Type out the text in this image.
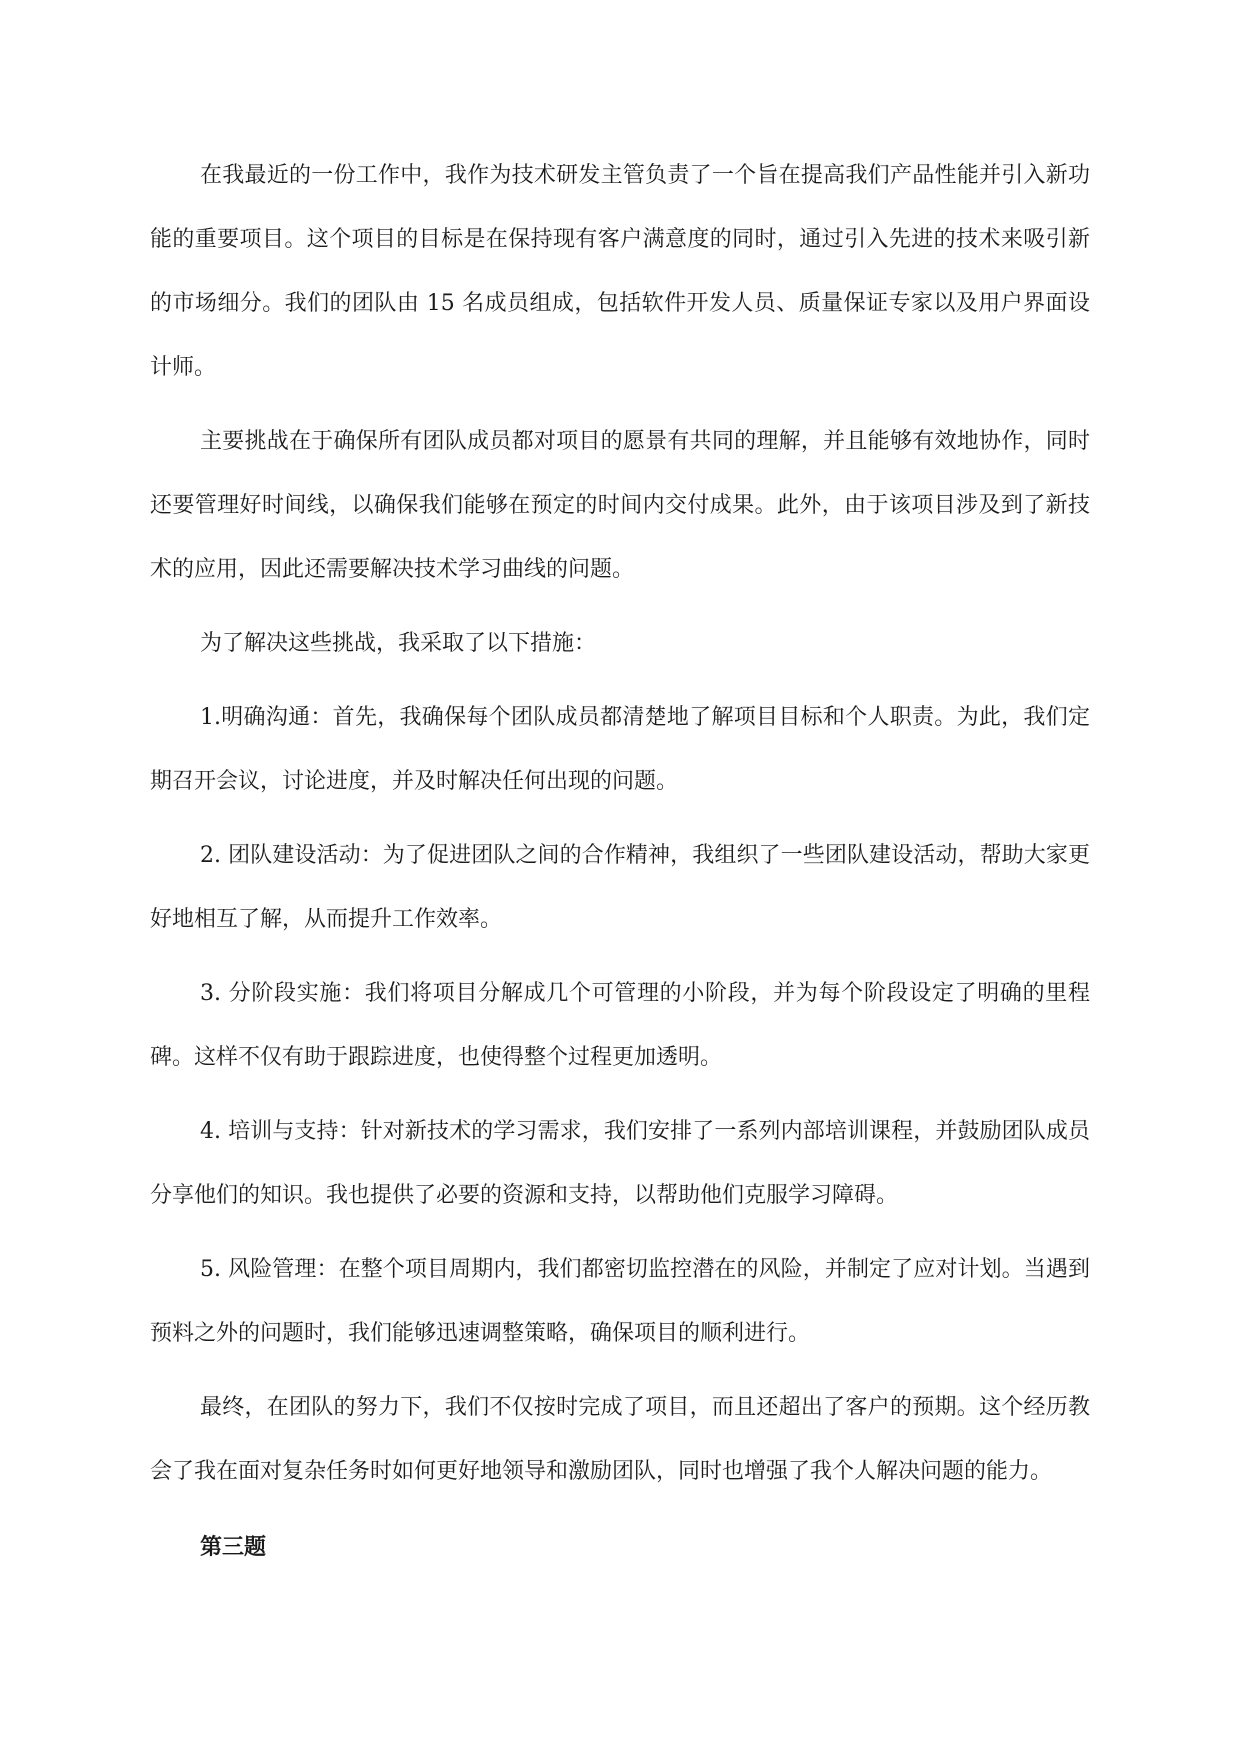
在我最近的一份工作中，我作为技术研发主管负责了一个旨在提高我们产品性能并引入新功能的重要项目。这个项目的目标是在保持现有客户满意度的同时，通过引入先进的技术来吸引新的市场细分。我们的团队由 15 名成员组成，包括软件开发人员、质量保证专家以及用户界面设计师。

主要挑战在于确保所有团队成员都对项目的愿景有共同的理解，并且能够有效地协作，同时还要管理好时间线，以确保我们能够在预定的时间内交付成果。此外，由于该项目涉及到了新技术的应用，因此还需要解决技术学习曲线的问题。

为了解决这些挑战，我采取了以下措施：

1.明确沟通：首先，我确保每个团队成员都清楚地了解项目目标和个人职责。为此，我们定期召开会议，讨论进度，并及时解决任何出现的问题。

2. 团队建设活动：为了促进团队之间的合作精神，我组织了一些团队建设活动，帮助大家更好地相互了解，从而提升工作效率。

3. 分阶段实施：我们将项目分解成几个可管理的小阶段，并为每个阶段设定了明确的里程碑。这样不仅有助于跟踪进度，也使得整个过程更加透明。

4. 培训与支持：针对新技术的学习需求，我们安排了一系列内部培训课程，并鼓励团队成员分享他们的知识。我也提供了必要的资源和支持，以帮助他们克服学习障碍。

5. 风险管理：在整个项目周期内，我们都密切监控潜在的风险，并制定了应对计划。当遇到预料之外的问题时，我们能够迅速调整策略，确保项目的顺利进行。

最终，在团队的努力下，我们不仅按时完成了项目，而且还超出了客户的预期。这个经历教会了我在面对复杂任务时如何更好地领导和激励团队，同时也增强了我个人解决问题的能力。

第三题
